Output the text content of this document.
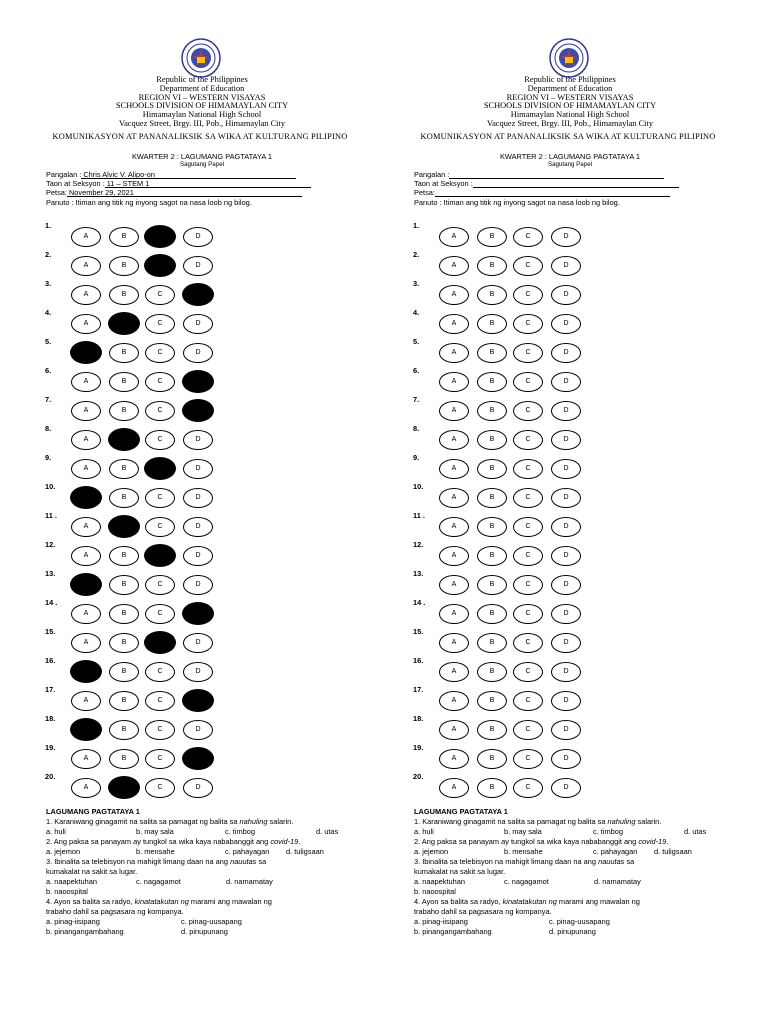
Republic of the Philippines
Department of Education
REGION VI – WESTERN VISAYAS
SCHOOLS DIVISION OF HIMAMAYLAN CITY
Himamaylan National High School
Vacquez Street, Brgy. III, Pob., Himamaylan City
KOMUNIKASYON AT PANANALIKSIK SA WIKA AT KULTURANG PILIPINO
KWARTER 2 : LAGUMANG PAGTATAYA 1
Sagutang Papel
Pangalan : Chris Alvic V. Alipo-on
Taon at Seksyon : 11 – STEM 1
Petsa: November 29, 2021
Panuto : Itiman ang titik ng inyong sagot na nasa loob ng bilog.
1.
A	B	C	D
2.
A	B	C	D
3.
A	B	C	D
4.
A	B	C	D
5.
A	B	C	D
6.
A	B	C	D
7.
A	B	C	D
8.
A	B	C	D
9.
A	B	C	D
10.
A	B	C	D
11 .
A	B	C	D
12.
A	B	C	D
13.
A	B	C	D
14 .
A	B	C	D
15.
A	B	C	D
16.
A	B	C	D
17.
A	B	C	D
18.
A	B	C	D
19.
A	B	C	D
20.
A	B	C	D
LAGUMANG PAGTATAYA 1
1. Karaniwang ginagamit na salita sa pamagat ng balita sa nahuling salarin.
a. huli	b. may sala	c. timbog	d. utas
2. Ang paksa sa panayam ay tungkol sa wika kaya nababanggit ang covid-19.
a. jejemon	b. mensahe	c. pahayagan d. tuligsaan
3. Ibinalita sa telebisyon na mahigit limang daan na ang nauutas sa
kumakalat na sakit sa lugar.
a. naapektuhan	c. nagagamot	d. namamatay
b. naoospital
4. Ayon sa balita sa radyo, kinatatakutan ng marami ang mawalan ng
trabaho dahil sa pagsasara ng kompanya.
a. pinag-iisipang	c. pinag-uusapang
b. pinangangambahang	d. pinupunang
Republic of the Philippines
Department of Education
REGION VI – WESTERN VISAYAS
SCHOOLS DIVISION OF HIMAMAYLAN CITY
Himamaylan National High School
Vacquez Street, Brgy. III, Pob., Himamaylan City
KOMUNIKASYON AT PANANALIKSIK SA WIKA AT KULTURANG PILIPINO
KWARTER 2 : LAGUMANG PAGTATAYA 1
Sagutang Papel
Pangalan :
Taon at Seksyon :
Petsa:
Panuto : Itiman ang titik ng inyong sagot na nasa loob ng bilog.
1.
A	B	C	D
2.
A	B	C	D
3.
A	B	C	D
4.
A	B	C	D
5.
A	B	C	D
6.
A	B	C	D
7.
A	B	C	D
8.
A	B	C	D
9.
A	B	C	D
10.
A	B	C	D
11 .
A	B	C	D
12.
A	B	C	D
13.
A	B	C	D
14 .
A	B	C	D
15.
A	B	C	D
16.
A	B	C	D
17.
A	B	C	D
18.
A	B	C	D
19.
A	B	C	D
20.
A	B	C	D
LAGUMANG PAGTATAYA 1
1. Karaniwang ginagamit na salita sa pamagat ng balita sa nahuling salarin.
a. huli	b. may sala	c. timbog	d. utas
2. Ang paksa sa panayam ay tungkol sa wika kaya nababanggit ang covid-19.
a. jejemon	b. mensahe	c. pahayagan d. tuligsaan
3. Ibinalita sa telebisyon na mahigit limang daan na ang nauutas sa
kumakalat na sakit sa lugar.
a. naapektuhan	c. nagagamot	d. namamatay
b. naoospital
4. Ayon sa balita sa radyo, kinatatakutan ng marami ang mawalan ng
trabaho dahil sa pagsasara ng kompanya.
a. pinag-iisipang	c. pinag-uusapang
b. pinangangambahang	d. pinupunang
